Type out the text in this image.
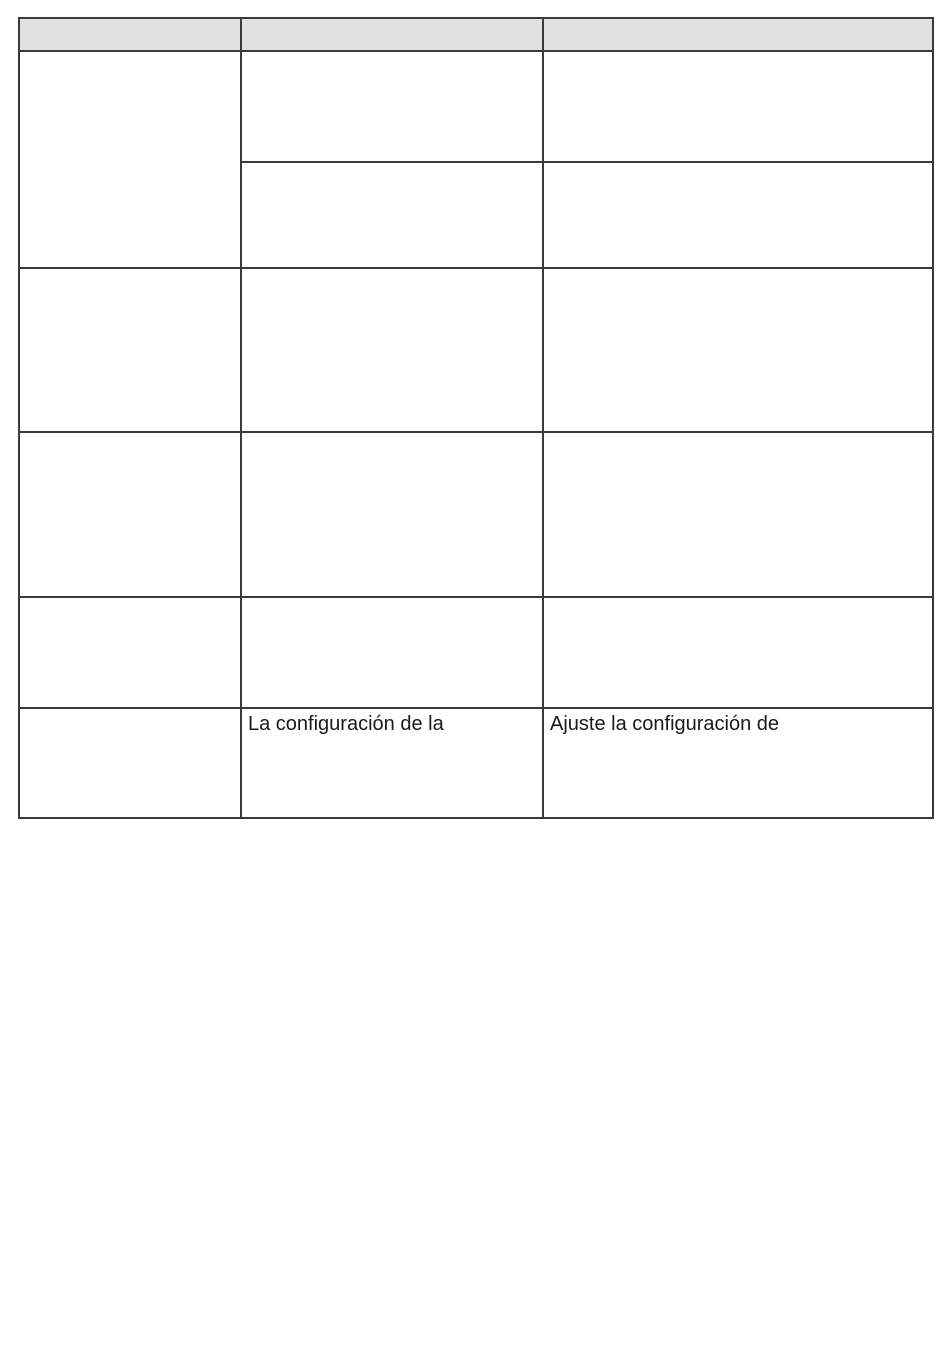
	La configuración de la	Ajuste la configuración de
